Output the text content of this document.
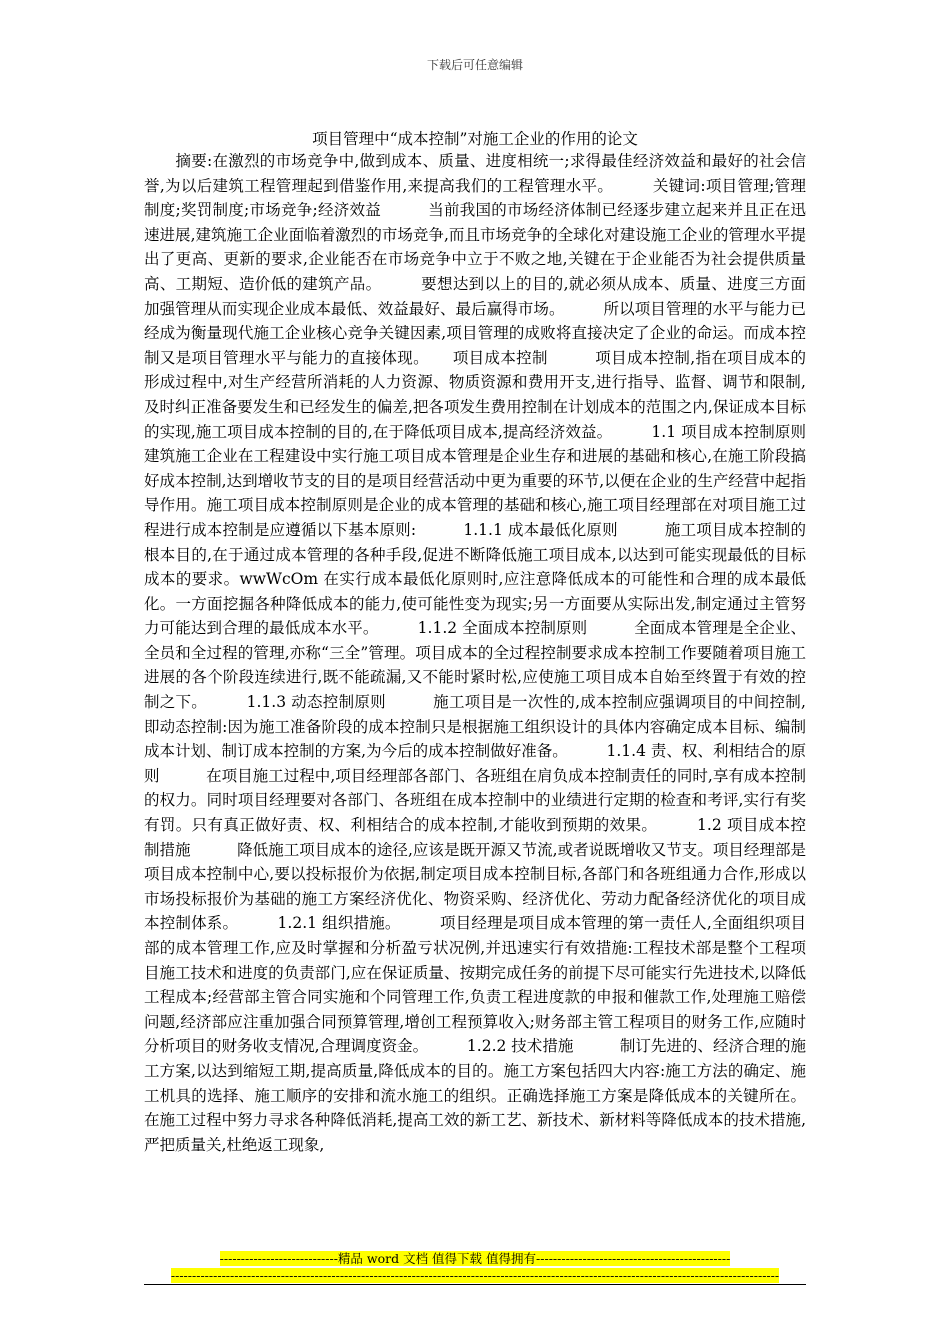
下载后可任意编辑
项目管理中“成本控制”对施工企业的作用的论文

　　摘要:在激烈的市场竞争中,做到成本、质量、进度相统一;求得最佳经济效益和最好的社会信誉,为以后建筑工程管理起到借鉴作用,来提高我们的工程管理水平。　　　关键词:项目管理;管理制度;奖罚制度;市场竞争;经济效益　　　当前我国的市场经济体制已经逐步建立起来并且正在迅速进展,建筑施工企业面临着激烈的市场竞争,而且市场竞争的全球化对建设施工企业的管理水平提出了更高、更新的要求,企业能否在市场竞争中立于不败之地,关键在于企业能否为社会提供质量高、工期短、造价低的建筑产品。　　　要想达到以上的目的,就必须从成本、质量、进度三方面加强管理从而实现企业成本最低、效益最好、最后赢得市场。　　　所以项目管理的水平与能力已经成为衡量现代施工企业核心竞争关键因素,项目管理的成败将直接决定了企业的命运。而成本控制又是项目管理水平与能力的直接体现。　　项目成本控制　　　项目成本控制,指在项目成本的形成过程中,对生产经营所消耗的人力资源、物质资源和费用开支,进行指导、监督、调节和限制,及时纠正准备要发生和已经发生的偏差,把各项发生费用控制在计划成本的范围之内,保证成本目标的实现,施工项目成本控制的目的,在于降低项目成本,提高经济效益。　　　1.1 项目成本控制原则　　　建筑施工企业在工程建设中实行施工项目成本管理是企业生存和进展的基础和核心,在施工阶段搞好成本控制,达到增收节支的目的是项目经营活动中更为重要的环节,以便在企业的生产经营中起指导作用。施工项目成本控制原则是企业的成本管理的基础和核心,施工项目经理部在对项目施工过程进行成本控制是应遵循以下基本原则:　　　1.1.1 成本最低化原则　　　施工项目成本控制的根本目的,在于通过成本管理的各种手段,促进不断降低施工项目成本,以达到可能实现最低的目标成本的要求。wwWcOm 在实行成本最低化原则时,应注意降低成本的可能性和合理的成本最低化。一方面挖掘各种降低成本的能力,使可能性变为现实;另一方面要从实际出发,制定通过主管努力可能达到合理的最低成本水平。　　　1.1.2 全面成本控制原则　　　全面成本管理是全企业、全员和全过程的管理,亦称“三全”管理。项目成本的全过程控制要求成本控制工作要随着项目施工进展的各个阶段连续进行,既不能疏漏,又不能时紧时松,应使施工项目成本自始至终置于有效的控制之下。　　　1.1.3 动态控制原则　　　施工项目是一次性的,成本控制应强调项目的中间控制,即动态控制:因为施工准备阶段的成本控制只是根据施工组织设计的具体内容确定成本目标、编制成本计划、制订成本控制的方案,为今后的成本控制做好准备。　　　1.1.4 责、权、利相结合的原则　　　在项目施工过程中,项目经理部各部门、各班组在肩负成本控制责任的同时,享有成本控制的权力。同时项目经理要对各部门、各班组在成本控制中的业绩进行定期的检查和考评,实行有奖有罚。只有真正做好责、权、利相结合的成本控制,才能收到预期的效果。　　　1.2 项目成本控制措施　　　降低施工项目成本的途径,应该是既开源又节流,或者说既增收又节支。项目经理部是项目成本控制中心,要以投标报价为依据,制定项目成本控制目标,各部门和各班组通力合作,形成以市场投标报价为基础的施工方案经济优化、物资采购、经济优化、劳动力配备经济优化的项目成本控制体系。　　　1.2.1 组织措施。　　　项目经理是项目成本管理的第一责任人,全面组织项目部的成本管理工作,应及时掌握和分析盈亏状况例,并迅速实行有效措施:工程技术部是整个工程项目施工技术和进度的负责部门,应在保证质量、按期完成任务的前提下尽可能实行先进技术,以降低工程成本;经营部主管合同实施和个同管理工作,负责工程进度款的申报和催款工作,处理施工赔偿问题,经济部应注重加强合同预算管理,增创工程预算收入;财务部主管工程项目的财务工作,应随时分析项目的财务收支情况,合理调度资金。　　　1.2.2 技术措施　　　制订先进的、经济合理的施工方案,以达到缩短工期,提高质量,降低成本的目的。施工方案包括四大内容:施工方法的确定、施工机具的选择、施工顺序的安排和流水施工的组织。正确选择施工方案是降低成本的关键所在。在施工过程中努力寻求各种降低消耗,提高工效的新工艺、新技术、新材料等降低成本的技术措施,严把质量关,杜绝返工现象,

----------------------------精品 word 文档 值得下载 值得拥有----------------------------------------------
------------------------------------------------------------------------------------------------------------------------------------------------
